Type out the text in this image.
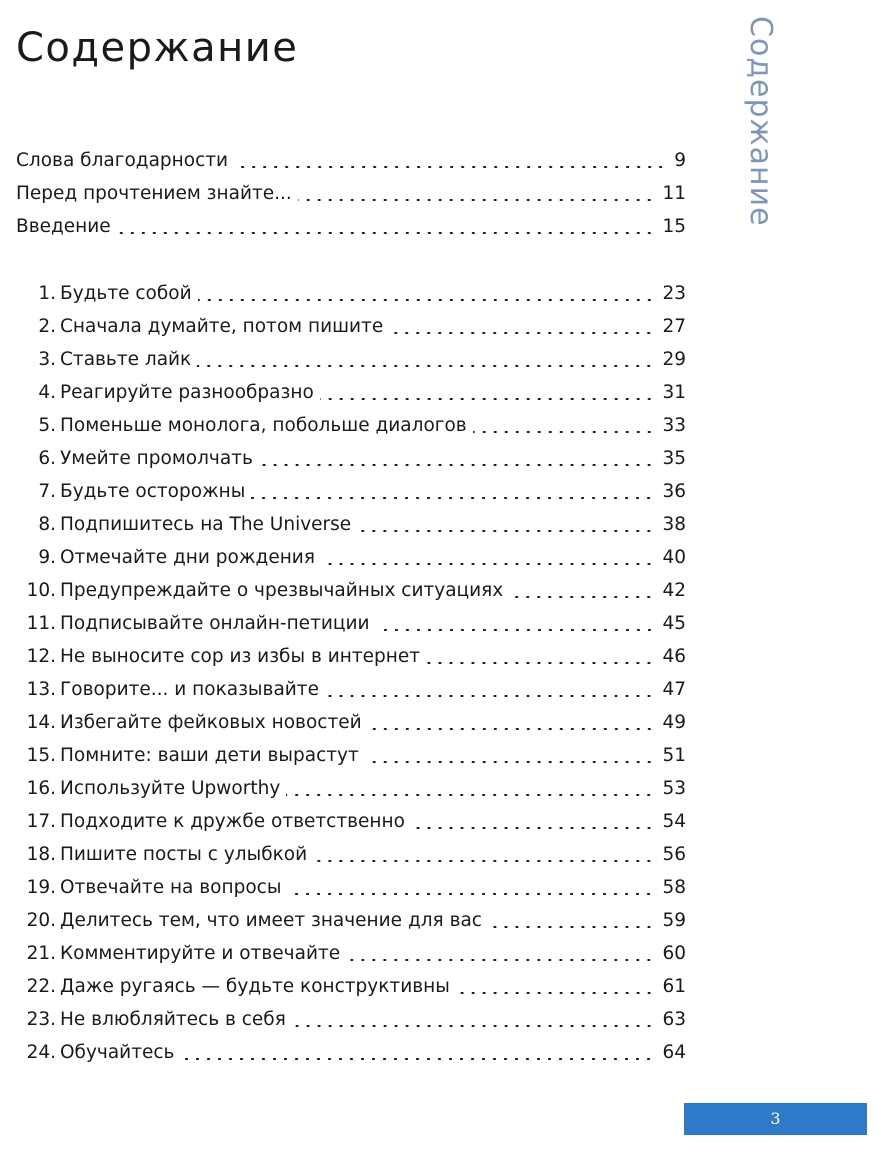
Содержание	Содержание
Слова благодарности	9
Перед прочтением знайте...	11
Введение	15
1. Будьте собой	23
2. Сначала думайте, потом пишите	27
3. Ставьте лайк	29
4. Реагируйте разнообразно	31
5. Поменьше монолога, побольше диалогов	33
6. Умейте промолчать	35
7. Будьте осторожны	36
8. Подпишитесь на The Universe	38
9. Отмечайте дни рождения	40
10. Предупреждайте о чрезвычайных ситуациях	42
11. Подписывайте онлайн-петиции	45
12. Не выносите сор из избы в интернет	46
13. Говорите... и показывайте	47
14. Избегайте фейковых новостей	49
15. Помните: ваши дети вырастут	51
16. Используйте Upworthy	53
17. Подходите к дружбе ответственно	54
18. Пишите посты с улыбкой	56
19. Отвечайте на вопросы	58
20. Делитесь тем, что имеет значение для вас	59
21. Комментируйте и отвечайте	60
22. Даже ругаясь — будьте конструктивны	61
23. Не влюбляйтесь в себя	63
24. Обучайтесь	64
3
